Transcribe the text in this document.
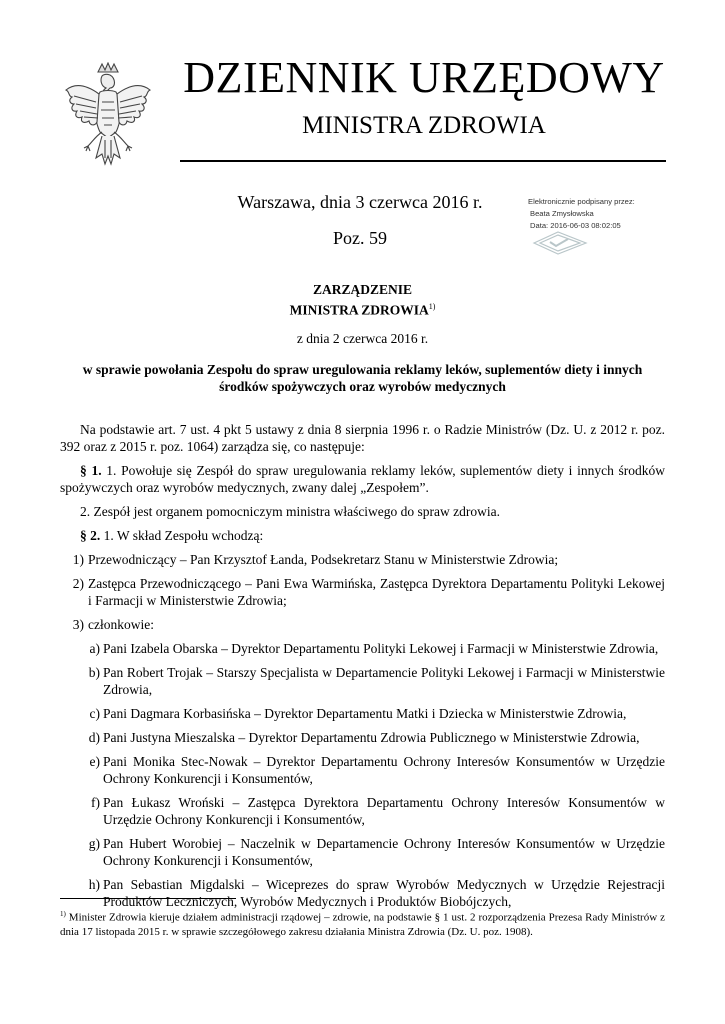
DZIENNIK URZĘDOWY
MINISTRA ZDROWIA
Warszawa, dnia 3 czerwca 2016 r.
Poz. 59
Elektronicznie podpisany przez:
Beata Zmysłowska
Data: 2016-06-03 08:02:05
ZARZĄDZENIE
MINISTRA ZDROWIA$^{1)}$
z dnia 2 czerwca 2016 r.
w sprawie powołania Zespołu do spraw uregulowania reklamy leków, suplementów diety i innych
środków spożywczych oraz wyrobów medycznych

Na podstawie art. 7 ust. 4 pkt 5 ustawy z dnia 8 sierpnia 1996 r. o Radzie Ministrów (Dz. U. z 2012 r. poz. 392 oraz z 2015 r. poz. 1064) zarządza się, co następuje:

§ 1. 1. Powołuje się Zespół do spraw uregulowania reklamy leków, suplementów diety i innych środków spożywczych oraz wyrobów medycznych, zwany dalej „Zespołem”.

2. Zespół jest organem pomocniczym ministra właściwego do spraw zdrowia.

§ 2. 1. W skład Zespołu wchodzą:

1) Przewodniczący – Pan Krzysztof Łanda, Podsekretarz Stanu w Ministerstwie Zdrowia;
2) Zastępca Przewodniczącego – Pani Ewa Warmińska, Zastępca Dyrektora Departamentu Polityki Lekowej i Farmacji w Ministerstwie Zdrowia;
3) członkowie:
a) Pani Izabela Obarska – Dyrektor Departamentu Polityki Lekowej i Farmacji w Ministerstwie Zdrowia,
b) Pan Robert Trojak – Starszy Specjalista w Departamencie Polityki Lekowej i Farmacji w Ministerstwie Zdrowia,
c) Pani Dagmara Korbasińska – Dyrektor Departamentu Matki i Dziecka w Ministerstwie Zdrowia,
d) Pani Justyna Mieszalska – Dyrektor Departamentu Zdrowia Publicznego w Ministerstwie Zdrowia,
e) Pani Monika Stec-Nowak – Dyrektor Departamentu Ochrony Interesów Konsumentów w Urzędzie Ochrony Konkurencji i Konsumentów,
f) Pan Łukasz Wroński – Zastępca Dyrektora Departamentu Ochrony Interesów Konsumentów w Urzędzie Ochrony Konkurencji i Konsumentów,
g) Pan Hubert Worobiej – Naczelnik w Departamencie Ochrony Interesów Konsumentów w Urzędzie Ochrony Konkurencji i Konsumentów,
h) Pan Sebastian Migdalski – Wiceprezes do spraw Wyrobów Medycznych w Urzędzie Rejestracji Produktów Leczniczych, Wyrobów Medycznych i Produktów Biobójczych,
$^{1)}$ Minister Zdrowia kieruje działem administracji rządowej – zdrowie, na podstawie § 1 ust. 2 rozporządzenia Prezesa Rady Ministrów z dnia 17 listopada 2015 r. w sprawie szczegółowego zakresu działania Ministra Zdrowia (Dz. U. poz. 1908).
